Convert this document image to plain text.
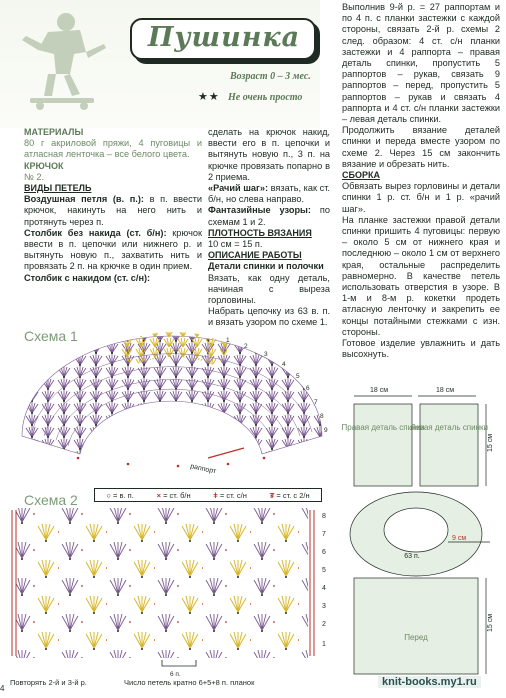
Пушинка
Возраст 0 – 3 мес.
★★ Не очень просто

МАТЕРИАЛЫ

80 г акриловой пряжи, 4 пуговицы и атласная ленточка – все белого цвета.

КРЮЧОК

№ 2.

ВИДЫ ПЕТЕЛЬ

Воздушная петля (в. п.): в п. ввести крючок, накинуть на него нить и протянуть через п.

Столбик без накида (ст. б/н): крючок ввести в п. цепочки или нижнего р. и вытянуть новую п., захватить нить и провязать 2 п. на крючке в один прием.

Столбик с накидом (ст. с/н):

сделать на крючок накид, ввести его в п. цепочки и вытянуть новую п., 3 п. на крючке провязать попарно в 2 приема.

«Рачий шаг»: вязать, как ст. б/н, но слева направо.

Фантазийные узоры: по схемам 1 и 2.

ПЛОТНОСТЬ ВЯЗАНИЯ

10 см = 15 п.

ОПИСАНИЕ РАБОТЫ

Детали спинки и полочки

Вязать, как одну деталь, начиная с выреза горловины.

Набрать цепочку из 63 в. п. и вязать узором по схеме 1.

Выполнив 9-й р. = 27 раппортам и по 4 п. с планки застежки с каждой стороны, связать 2-й р. схемы 2 след. образом: 4 ст. с/н планки застежки и 4 раппорта – правая деталь спинки, пропустить 5 раппортов – рукав, связать 9 раппортов – перед, пропустить 5 раппортов – рукав и связать 4 раппорта и 4 ст. с/н планки застежки – левая деталь спинки.

Продолжить вязание деталей спинки и переда вместе узором по схеме 2. Через 15 см закончить вязание и обрезать нить.

СБОРКА

Обвязать вырез горловины и детали спинки 1 р. ст. б/н и 1 р. «рачий шаг».

На планке застежки правой детали спинки пришить 4 пуговицы: первую – около 5 см от нижнего края и последнюю – около 1 см от верхнего края, остальные распределить равномерно. В качестве петель использовать отверстия в узоре. В 1-м и 8-м р. кокетки продеть атласную ленточку и закрепить ее концы потайными стежками с изн. стороны.

Готовое изделие увлажнить и дать высохнуть.

Схема 1
раппорт
9
8
7
6
5
4
3
2
1
Схема 2	○ = в. п.	× = ст. б/н	ǂ = ст. с/н	₮ = ст. с 2/н
8
7
6
5
4
3
2
1
6 п.
Повторять 2-й и 3-й р.	Число петель кратно 6+5+8 п. планок
18 см	18 см
Правая деталь спинки
Левая деталь спинки
63 п.
9 см
Перед
15 см
15 см
knit-books.my1.ru
4
